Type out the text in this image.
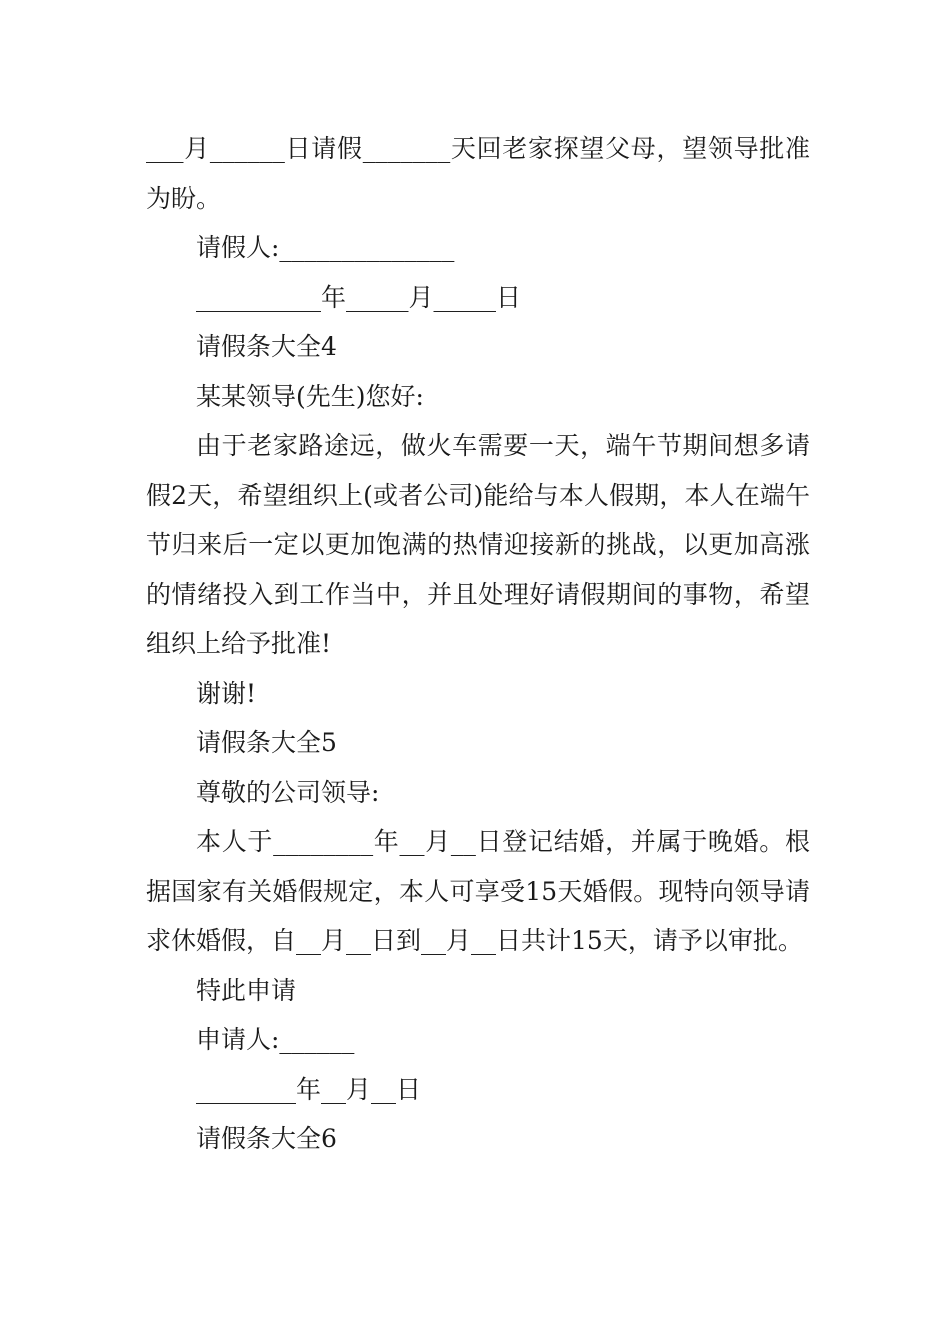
___月______日请假_______天回老家探望父母，望领导批准为盼。

请假人:______________

__________年_____月_____日

请假条大全4

某某领导(先生)您好:

由于老家路途远，做火车需要一天，端午节期间想多请假2天，希望组织上(或者公司)能给与本人假期，本人在端午节归来后一定以更加饱满的热情迎接新的挑战，以更加高涨的情绪投入到工作当中，并且处理好请假期间的事物，希望组织上给予批准!

谢谢!

请假条大全5

尊敬的公司领导:

本人于________年__月__日登记结婚，并属于晚婚。根据国家有关婚假规定，本人可享受15天婚假。现特向领导请求休婚假，自__月__日到__月__日共计15天，请予以审批。

特此申请

申请人:______

________年__月__日

请假条大全6
